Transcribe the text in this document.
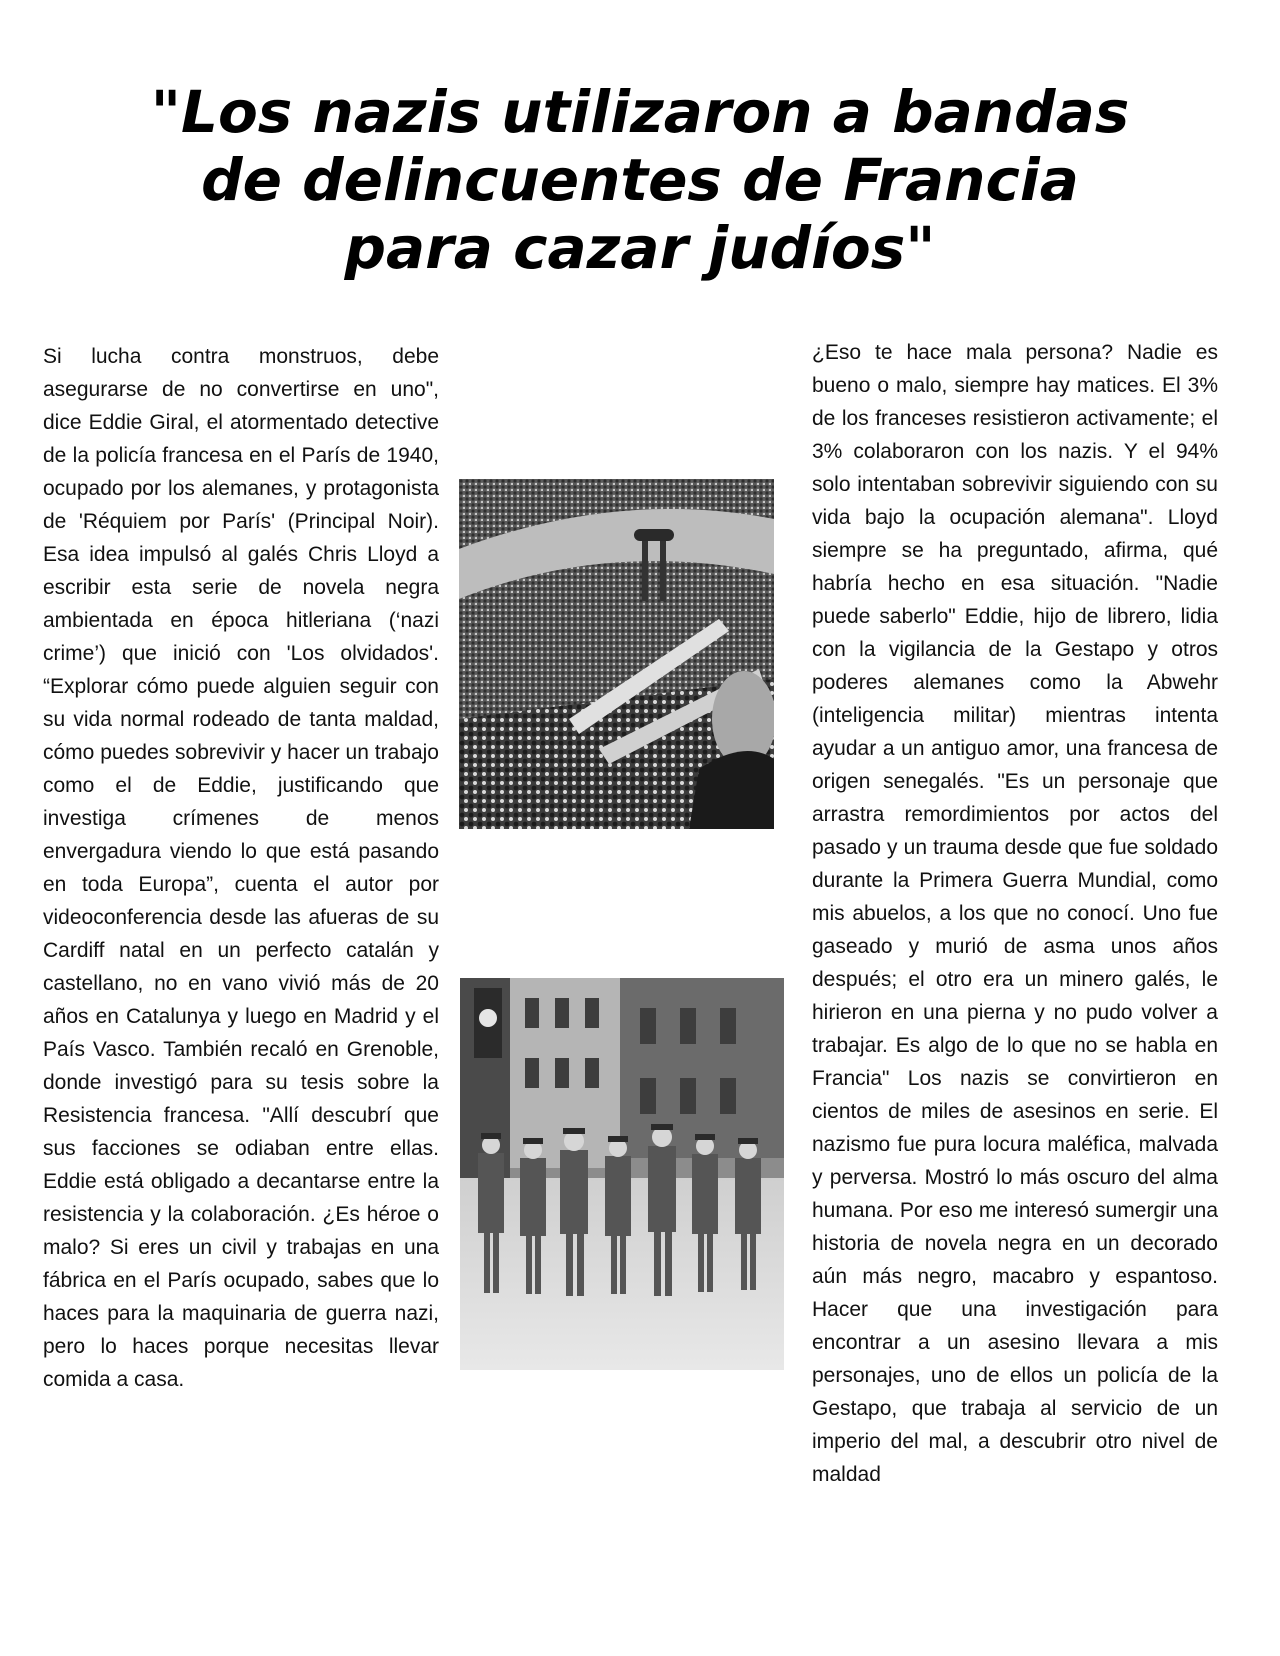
"Los nazis utilizaron a bandas de delincuentes de Francia para cazar judíos"

Si lucha contra monstruos, debe asegurarse de no convertirse en uno", dice Eddie Giral, el atormentado detective de la policía francesa en el París de 1940, ocupado por los alemanes, y protagonista de 'Réquiem por París' (Principal Noir). Esa idea impulsó al galés Chris Lloyd a escribir esta serie de novela negra ambientada en época hitleriana (‘nazi crime’) que inició con 'Los olvidados'. “Explorar cómo puede alguien seguir con su vida normal rodeado de tanta maldad, cómo puedes sobrevivir y hacer un trabajo como el de Eddie, justificando que investiga crímenes de menos envergadura viendo lo que está pasando en toda Europa”, cuenta el autor por videoconferencia desde las afueras de su Cardiff natal en un perfecto catalán y castellano, no en vano vivió más de 20 años en Catalunya y luego en Madrid y el País Vasco. También recaló en Grenoble, donde investigó para su tesis sobre la Resistencia francesa. "Allí descubrí que sus facciones se odiaban entre ellas. Eddie está obligado a decantarse entre la resistencia y la colaboración. ¿Es héroe o malo? Si eres un civil y trabajas en una fábrica en el París ocupado, sabes que lo haces para la maquinaria de guerra nazi, pero lo haces porque necesitas llevar comida a casa.

¿Eso te hace mala persona? Nadie es bueno o malo, siempre hay matices. El 3% de los franceses resistieron activamente; el 3% colaboraron con los nazis. Y el 94% solo intentaban sobrevivir siguiendo con su vida bajo la ocupación alemana". Lloyd siempre se ha preguntado, afirma, qué habría hecho en esa situación. "Nadie puede saberlo" Eddie, hijo de librero, lidia con la vigilancia de la Gestapo y otros poderes alemanes como la Abwehr (inteligencia militar) mientras intenta ayudar a un antiguo amor, una francesa de origen senegalés. "Es un personaje que arrastra remordimientos por actos del pasado y un trauma desde que fue soldado durante la Primera Guerra Mundial, como mis abuelos, a los que no conocí. Uno fue gaseado y murió de asma unos años después; el otro era un minero galés, le hirieron en una pierna y no pudo volver a trabajar. Es algo de lo que no se habla en Francia" Los nazis se convirtieron en cientos de miles de asesinos en serie. El nazismo fue pura locura maléfica, malvada y perversa. Mostró lo más oscuro del alma humana. Por eso me interesó sumergir una historia de novela negra en un decorado aún más negro, macabro y espantoso. Hacer que una investigación para encontrar a un asesino llevara a mis personajes, uno de ellos un policía de la Gestapo, que trabaja al servicio de un imperio del mal, a descubrir otro nivel de maldad
